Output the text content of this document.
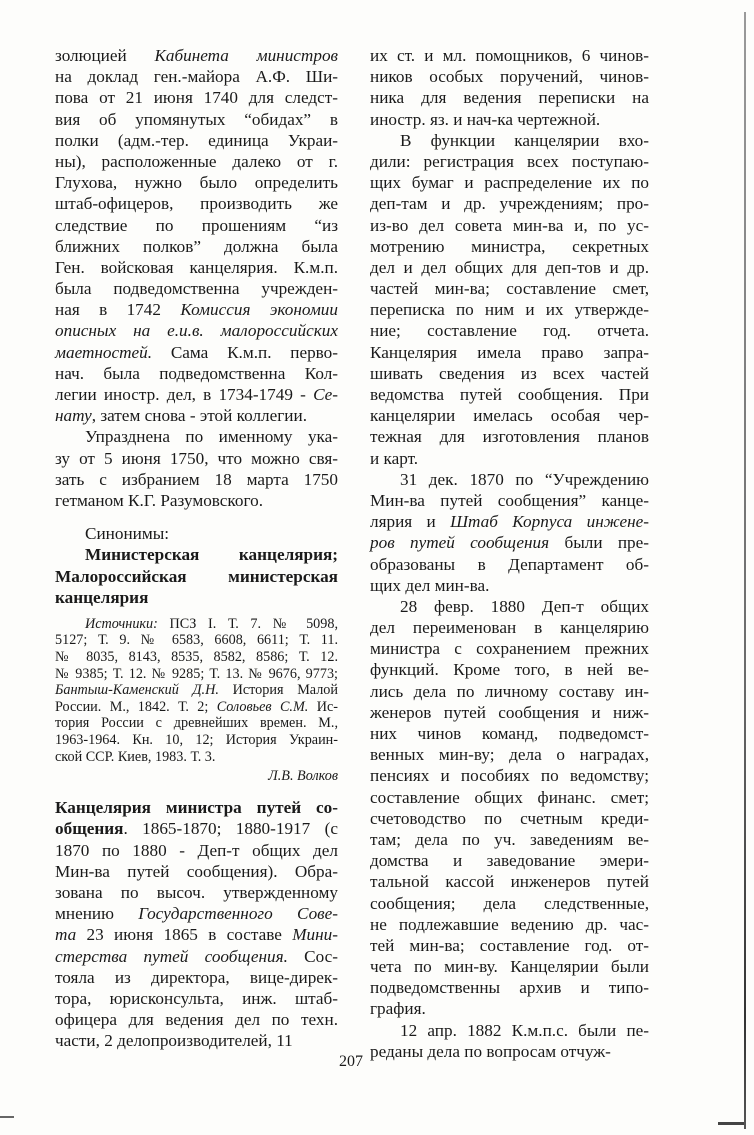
золюцией Кабинета министров
на доклад ген.-майора А.Ф. Ши-
пова от 21 июня 1740 для следст-
вия об упомянутых “обидах” в
полки (адм.-тер. единица Украи-
ны), расположенные далеко от г.
Глухова, нужно было определить
штаб-офицеров, производить же
следствие по прошениям “из
ближних полков” должна была
Ген. войсковая канцелярия. К.м.п.
была подведомственна учрежден-
ная в 1742 Комиссия экономии
описных на е.и.в. малороссийских
маетностей. Сама К.м.п. перво-
нач. была подведомственна Кол-
легии иностр. дел, в 1734-1749 - Се-
нату, затем снова - этой коллегии.
Упразднена по именному ука-
зу от 5 июня 1750, что можно свя-
зать с избранием 18 марта 1750
гетманом К.Г. Разумовского.
Синонимы:
Министерская канцелярия;
Малороссийская министерская
канцелярия
Источники: ПСЗ I. Т. 7. № 5098,
5127; Т. 9. № 6583, 6608, 6611; Т. 11.
№ 8035, 8143, 8535, 8582, 8586; Т. 12.
№ 9385; Т. 12. № 9285; Т. 13. № 9676, 9773;
Бантыш-Каменский Д.Н. История Малой
России. М., 1842. Т. 2; Соловьев С.М. Ис-
тория России с древнейших времен. М.,
1963-1964. Кн. 10, 12; История Украин-
ской ССР. Киев, 1983. Т. 3.
Л.В. Волков
Канцелярия министра путей со-
общения. 1865-1870; 1880-1917 (с
1870 по 1880 - Деп-т общих дел
Мин-ва путей сообщения). Обра-
зована по высоч. утвержденному
мнению Государственного Сове-
та 23 июня 1865 в составе Мини-
стерства путей сообщения. Сос-
тояла из директора, вице-дирек-
тора, юрисконсульта, инж. штаб-
офицера для ведения дел по техн.
части, 2 делопроизводителей, 11
их ст. и мл. помощников, 6 чинов-
ников особых поручений, чинов-
ника для ведения переписки на
иностр. яз. и нач-ка чертежной.
В функции канцелярии вхо-
дили: регистрация всех поступаю-
щих бумаг и распределение их по
деп-там и др. учреждениям; про-
из-во дел совета мин-ва и, по ус-
мотрению министра, секретных
дел и дел общих для деп-тов и др.
частей мин-ва; составление смет,
переписка по ним и их утвержде-
ние; составление год. отчета.
Канцелярия имела право запра-
шивать сведения из всех частей
ведомства путей сообщения. При
канцелярии имелась особая чер-
тежная для изготовления планов
и карт.
31 дек. 1870 по “Учреждению
Мин-ва путей сообщения” канце-
лярия и Штаб Корпуса инжене-
ров путей сообщения были пре-
образованы в Департамент об-
щих дел мин-ва.
28 февр. 1880 Деп-т общих
дел переименован в канцелярию
министра с сохранением прежних
функций. Кроме того, в ней ве-
лись дела по личному составу ин-
женеров путей сообщения и ниж-
них чинов команд, подведомст-
венных мин-ву; дела о наградах,
пенсиях и пособиях по ведомству;
составление общих финанс. смет;
счетоводство по счетным креди-
там; дела по уч. заведениям ве-
домства и заведование эмери-
тальной кассой инженеров путей
сообщения; дела следственные,
не подлежавшие ведению др. час-
тей мин-ва; составление год. от-
чета по мин-ву. Канцелярии были
подведомственны архив и типо-
графия.
12 апр. 1882 К.м.п.с. были пе-
реданы дела по вопросам отчуж-
207
